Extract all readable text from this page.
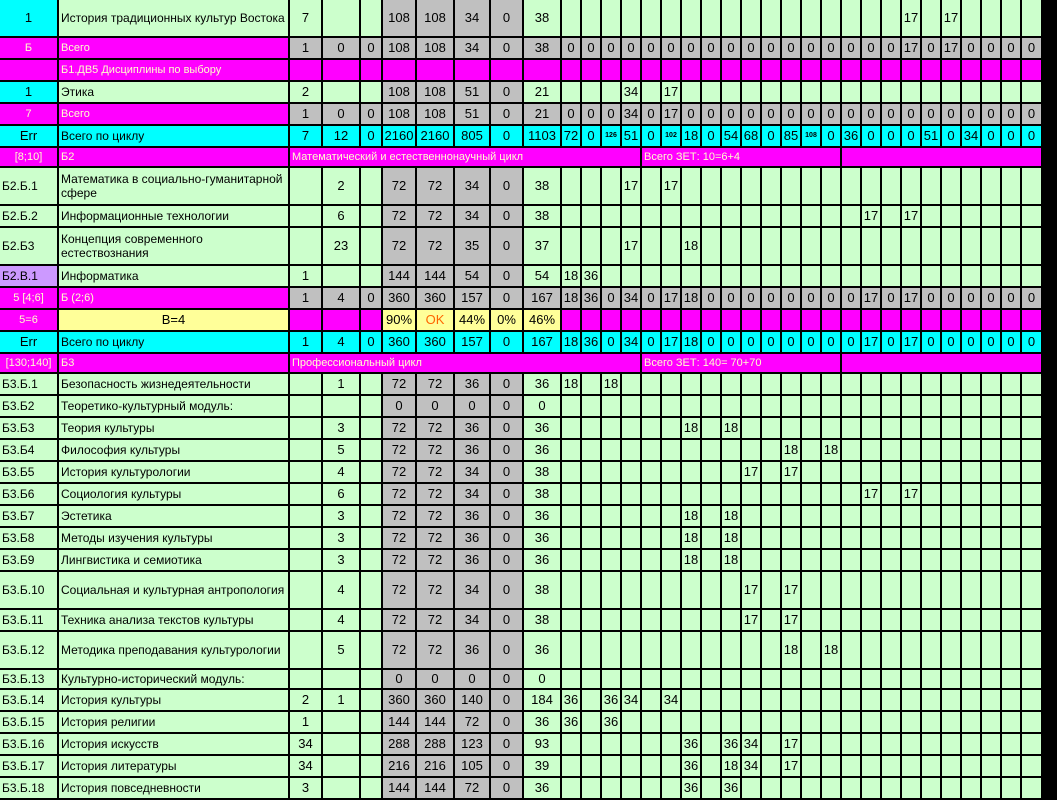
1	История традиционных культур Востока	7			108	108	34	0	38																		17		17				
Б	Всего	1	0	0	108	108	34	0	38	0	0	0	0	0	0	0	0	0	0	0	0	0	0	0	0	0	17	0	17	0	0	0	0
	Б1.ДВ5 Дисциплины по выбору																																
1	Этика	2			108	108	51	0	21				34		17																		
7	Всего	1	0	0	108	108	51	0	21	0	0	0	34	0	17	0	0	0	0	0	0	0	0	0	0	0	0	0	0	0	0	0	0
Err	Всего по циклу	7	12	0	2160	2160	805	0	1103	72	0	126	51	0	102	18	0	54	68	0	85	108	0	36	0	0	0	51	0	34	0	0	0
[8;10]	Б2	Математический и естественнонаучный цикл												Всего ЗЕТ: 10=6+4																			
Б2.Б.1	Математика в социально-гуманитарной сфере		2		72	72	34	0	38				17		17																		
Б2.Б.2	Информационные технологии		6		72	72	34	0	38																17		17						
Б2.Б3	Концепция современного естествознания		23		72	72	35	0	37				17			18																	
Б2.В.1	Информатика	1			144	144	54	0	54	18	36																						
5 [4;6]	Б (2;6)	1	4	0	360	360	157	0	167	18	36	0	34	0	17	18	0	0	0	0	0	0	0	0	17	0	17	0	0	0	0	0	0
5=6	В=4				90%	OK	44%	0%	46%																								
Err	Всего по циклу	1	4	0	360	360	157	0	167	18	36	0	34	0	17	18	0	0	0	0	0	0	0	0	17	0	17	0	0	0	0	0	0
[130;140]	Б3	Профессиональный цикл												Всего ЗЕТ: 140= 70+70																			
Б3.Б.1	Безопасность жизнедеятельности		1		72	72	36	0	36	18		18																					
Б3.Б2	Теоретико-культурный модуль:				0	0	0	0	0																								
Б3.Б3	Теория культуры		3		72	72	36	0	36							18		18															
Б3.Б4	Философия культуры		5		72	72	36	0	36												18		18										
Б3.Б5	История культурологии		4		72	72	34	0	38										17		17												
Б3.Б6	Социология культуры		6		72	72	34	0	38																17		17						
Б3.Б7	Эстетика		3		72	72	36	0	36							18		18															
Б3.Б8	Методы изучения культуры		3		72	72	36	0	36							18		18															
Б3.Б9	Лингвистика и семиотика		3		72	72	36	0	36							18		18															
Б3.Б.10	Социальная и культурная антропология		4		72	72	34	0	38										17		17												
Б3.Б.11	Техника анализа текстов культуры		4		72	72	34	0	38										17		17												
Б3.Б.12	Методика преподавания культурологии		5		72	72	36	0	36												18		18										
Б3.Б.13	Культурно-исторический модуль:				0	0	0	0	0																								
Б3.Б.14	История культуры	2	1		360	360	140	0	184	36		36	34		34																		
Б3.Б.15	История религии	1			144	144	72	0	36	36		36																					
Б3.Б.16	История искусств	34			288	288	123	0	93							36		36	34		17												
Б3.Б.17	История литературы	34			216	216	105	0	39							36		18	34		17												
Б3.Б.18	История повседневности	3			144	144	72	0	36							36		36															
